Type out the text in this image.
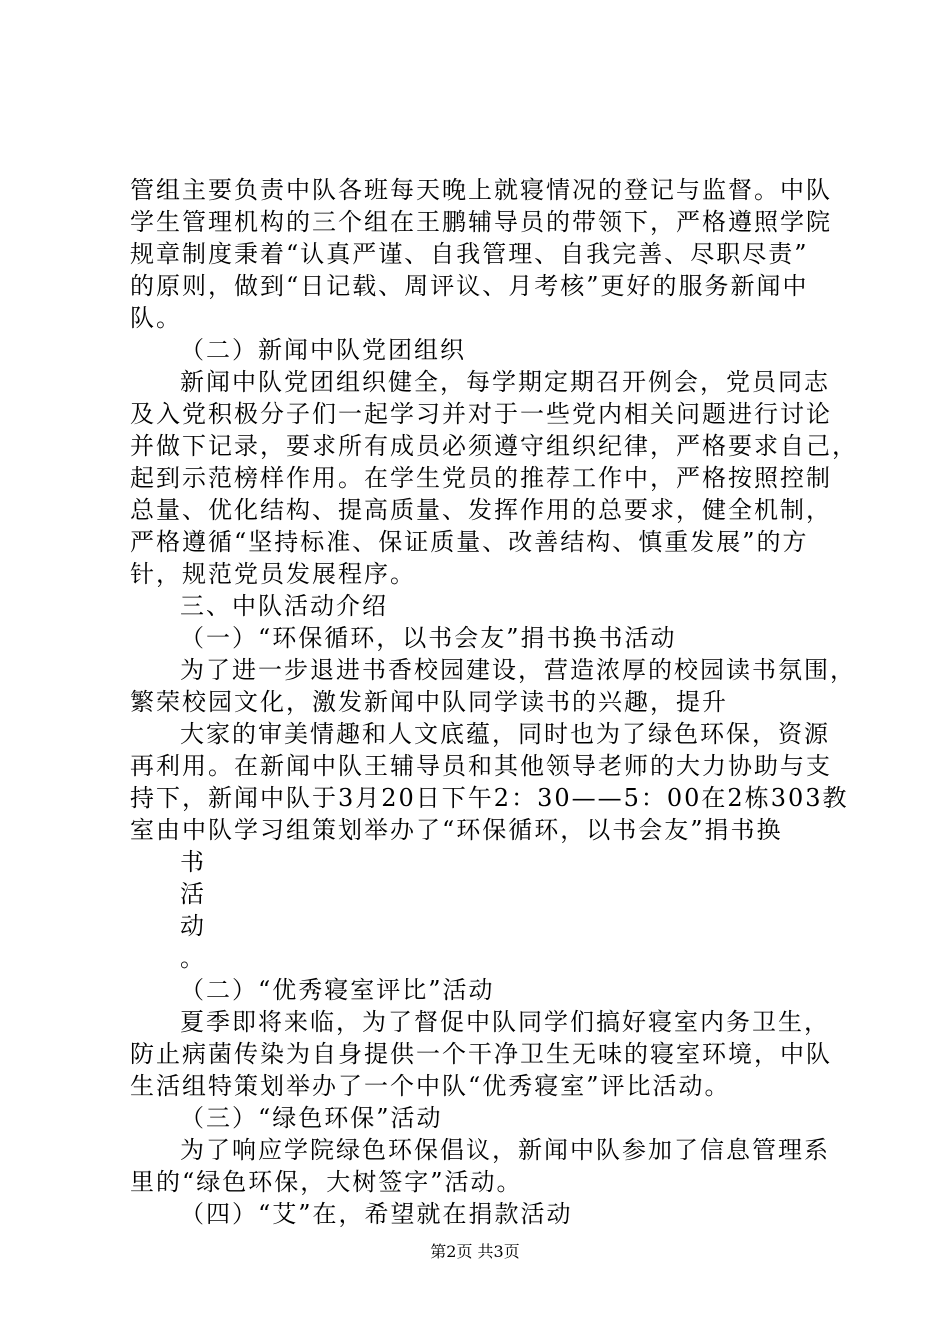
管组主要负责中队各班每天晚上就寝情况的登记与监督。中队
学生管理机构的三个组在王鹏辅导员的带领下，严格遵照学院
规章制度秉着“认真严谨、自我管理、自我完善、尽职尽责”
的原则，做到“日记载、周评议、月考核”更好的服务新闻中
队。
（二）新闻中队党团组织
新闻中队党团组织健全，每学期定期召开例会，党员同志
及入党积极分子们一起学习并对于一些党内相关问题进行讨论
并做下记录，要求所有成员必须遵守组织纪律，严格要求自己，
起到示范榜样作用。在学生党员的推荐工作中，严格按照控制
总量、优化结构、提高质量、发挥作用的总要求，健全机制，
严格遵循“坚持标准、保证质量、改善结构、慎重发展”的方
针，规范党员发展程序。
三、中队活动介绍
（一）“环保循环，以书会友”捐书换书活动
为了进一步退进书香校园建设，营造浓厚的校园读书氛围，
繁荣校园文化，激发新闻中队同学读书的兴趣，提升
大家的审美情趣和人文底蕴，同时也为了绿色环保，资源
再利用。在新闻中队王辅导员和其他领导老师的大力协助与支
持下，新闻中队于3月20日下午2：30——5：00在2栋303教
室由中队学习组策划举办了“环保循环，以书会友”捐书换
书
活
动
。
（二）“优秀寝室评比”活动
夏季即将来临，为了督促中队同学们搞好寝室内务卫生，
防止病菌传染为自身提供一个干净卫生无味的寝室环境，中队
生活组特策划举办了一个中队“优秀寝室”评比活动。
（三）“绿色环保”活动
为了响应学院绿色环保倡议，新闻中队参加了信息管理系
里的“绿色环保，大树签字”活动。
（四）“艾”在，希望就在捐款活动
第2页 共3页
